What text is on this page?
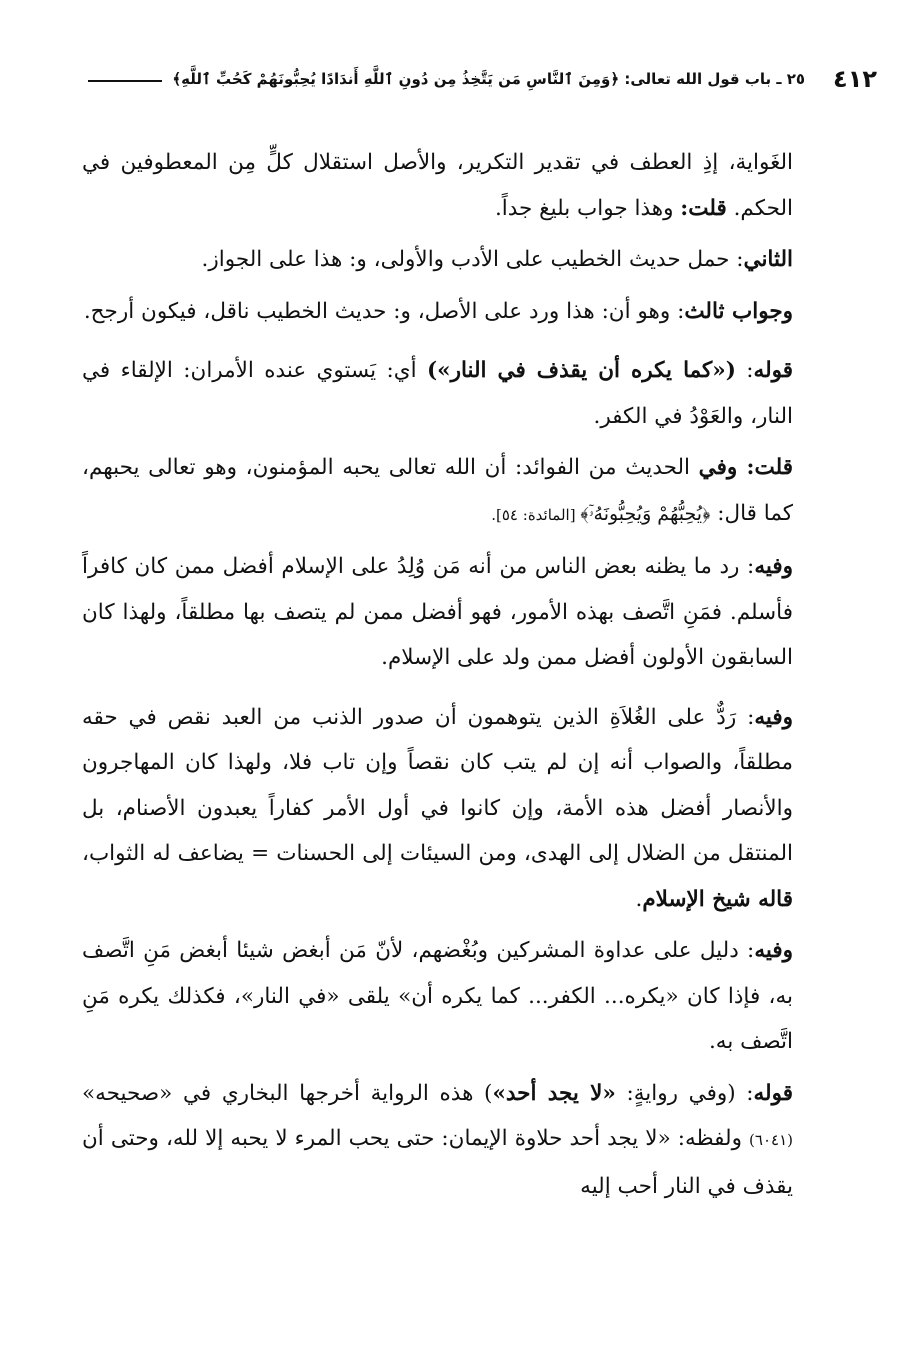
٤١٢
٢٥ ـ باب قول الله تعالى: ﴿وَمِنَ ٱلنَّاسِ مَن يَتَّخِذُ مِن دُونِ ٱللَّهِ أَندَادًا يُحِبُّونَهُمْ كَحُبِّ ٱللَّهِ﴾

الغَواية، إذِ العطف في تقدير التكرير، والأصل استقلال كلٍّ مِن المعطوفين في الحكم. قلت: وهذا جواب بليغ جداً.

الثاني: حمل حديث الخطيب على الأدب والأولى، و: هذا على الجواز.

وجواب ثالث: وهو أن: هذا ورد على الأصل، و: حديث الخطيب ناقل، فيكون أرجح.

قوله: («كما يكره أن يقذف في النار») أي: يَستوي عنده الأمران: الإلقاء في النار، والعَوْدُ في الكفر.

قلت: وفي الحديث من الفوائد: أن الله تعالى يحبه المؤمنون، وهو تعالى يحبهم، كما قال: ﴿يُحِبُّهُمْ وَيُحِبُّونَهُۥٓ﴾ [المائدة: ٥٤].

وفيه: رد ما يظنه بعض الناس من أنه مَن وُلِدُ على الإسلام أفضل ممن كان كافراً فأسلم. فمَنِ اتَّصف بهذه الأمور، فهو أفضل ممن لم يتصف بها مطلقاً، ولهذا كان السابقون الأولون أفضل ممن ولد على الإسلام.

وفيه: رَدٌّ على الغُلاَةِ الذين يتوهمون أن صدور الذنب من العبد نقص في حقه مطلقاً، والصواب أنه إن لم يتب كان نقصاً وإن تاب فلا، ولهذا كان المهاجرون والأنصار أفضل هذه الأمة، وإن كانوا في أول الأمر كفاراً يعبدون الأصنام، بل المنتقل من الضلال إلى الهدى، ومن السيئات إلى الحسنات = يضاعف له الثواب، قاله شيخ الإسلام.

وفيه: دليل على عداوة المشركين وبُغْضهم، لأنّ مَن أبغض شيئا أبغض مَنِ اتَّصف به، فإذا كان «يكره... الكفر... كما يكره أن» يلقى «في النار»، فكذلك يكره مَنِ اتَّصف به.

قوله: (وفي روايةٍ: «لا يجد أحد») هذه الرواية أخرجها البخاري في «صحيحه» (٦٠٤١) ولفظه: «لا يجد أحد حلاوة الإيمان: حتى يحب المرء لا يحبه إلا لله، وحتى أن يقذف في النار أحب إليه
